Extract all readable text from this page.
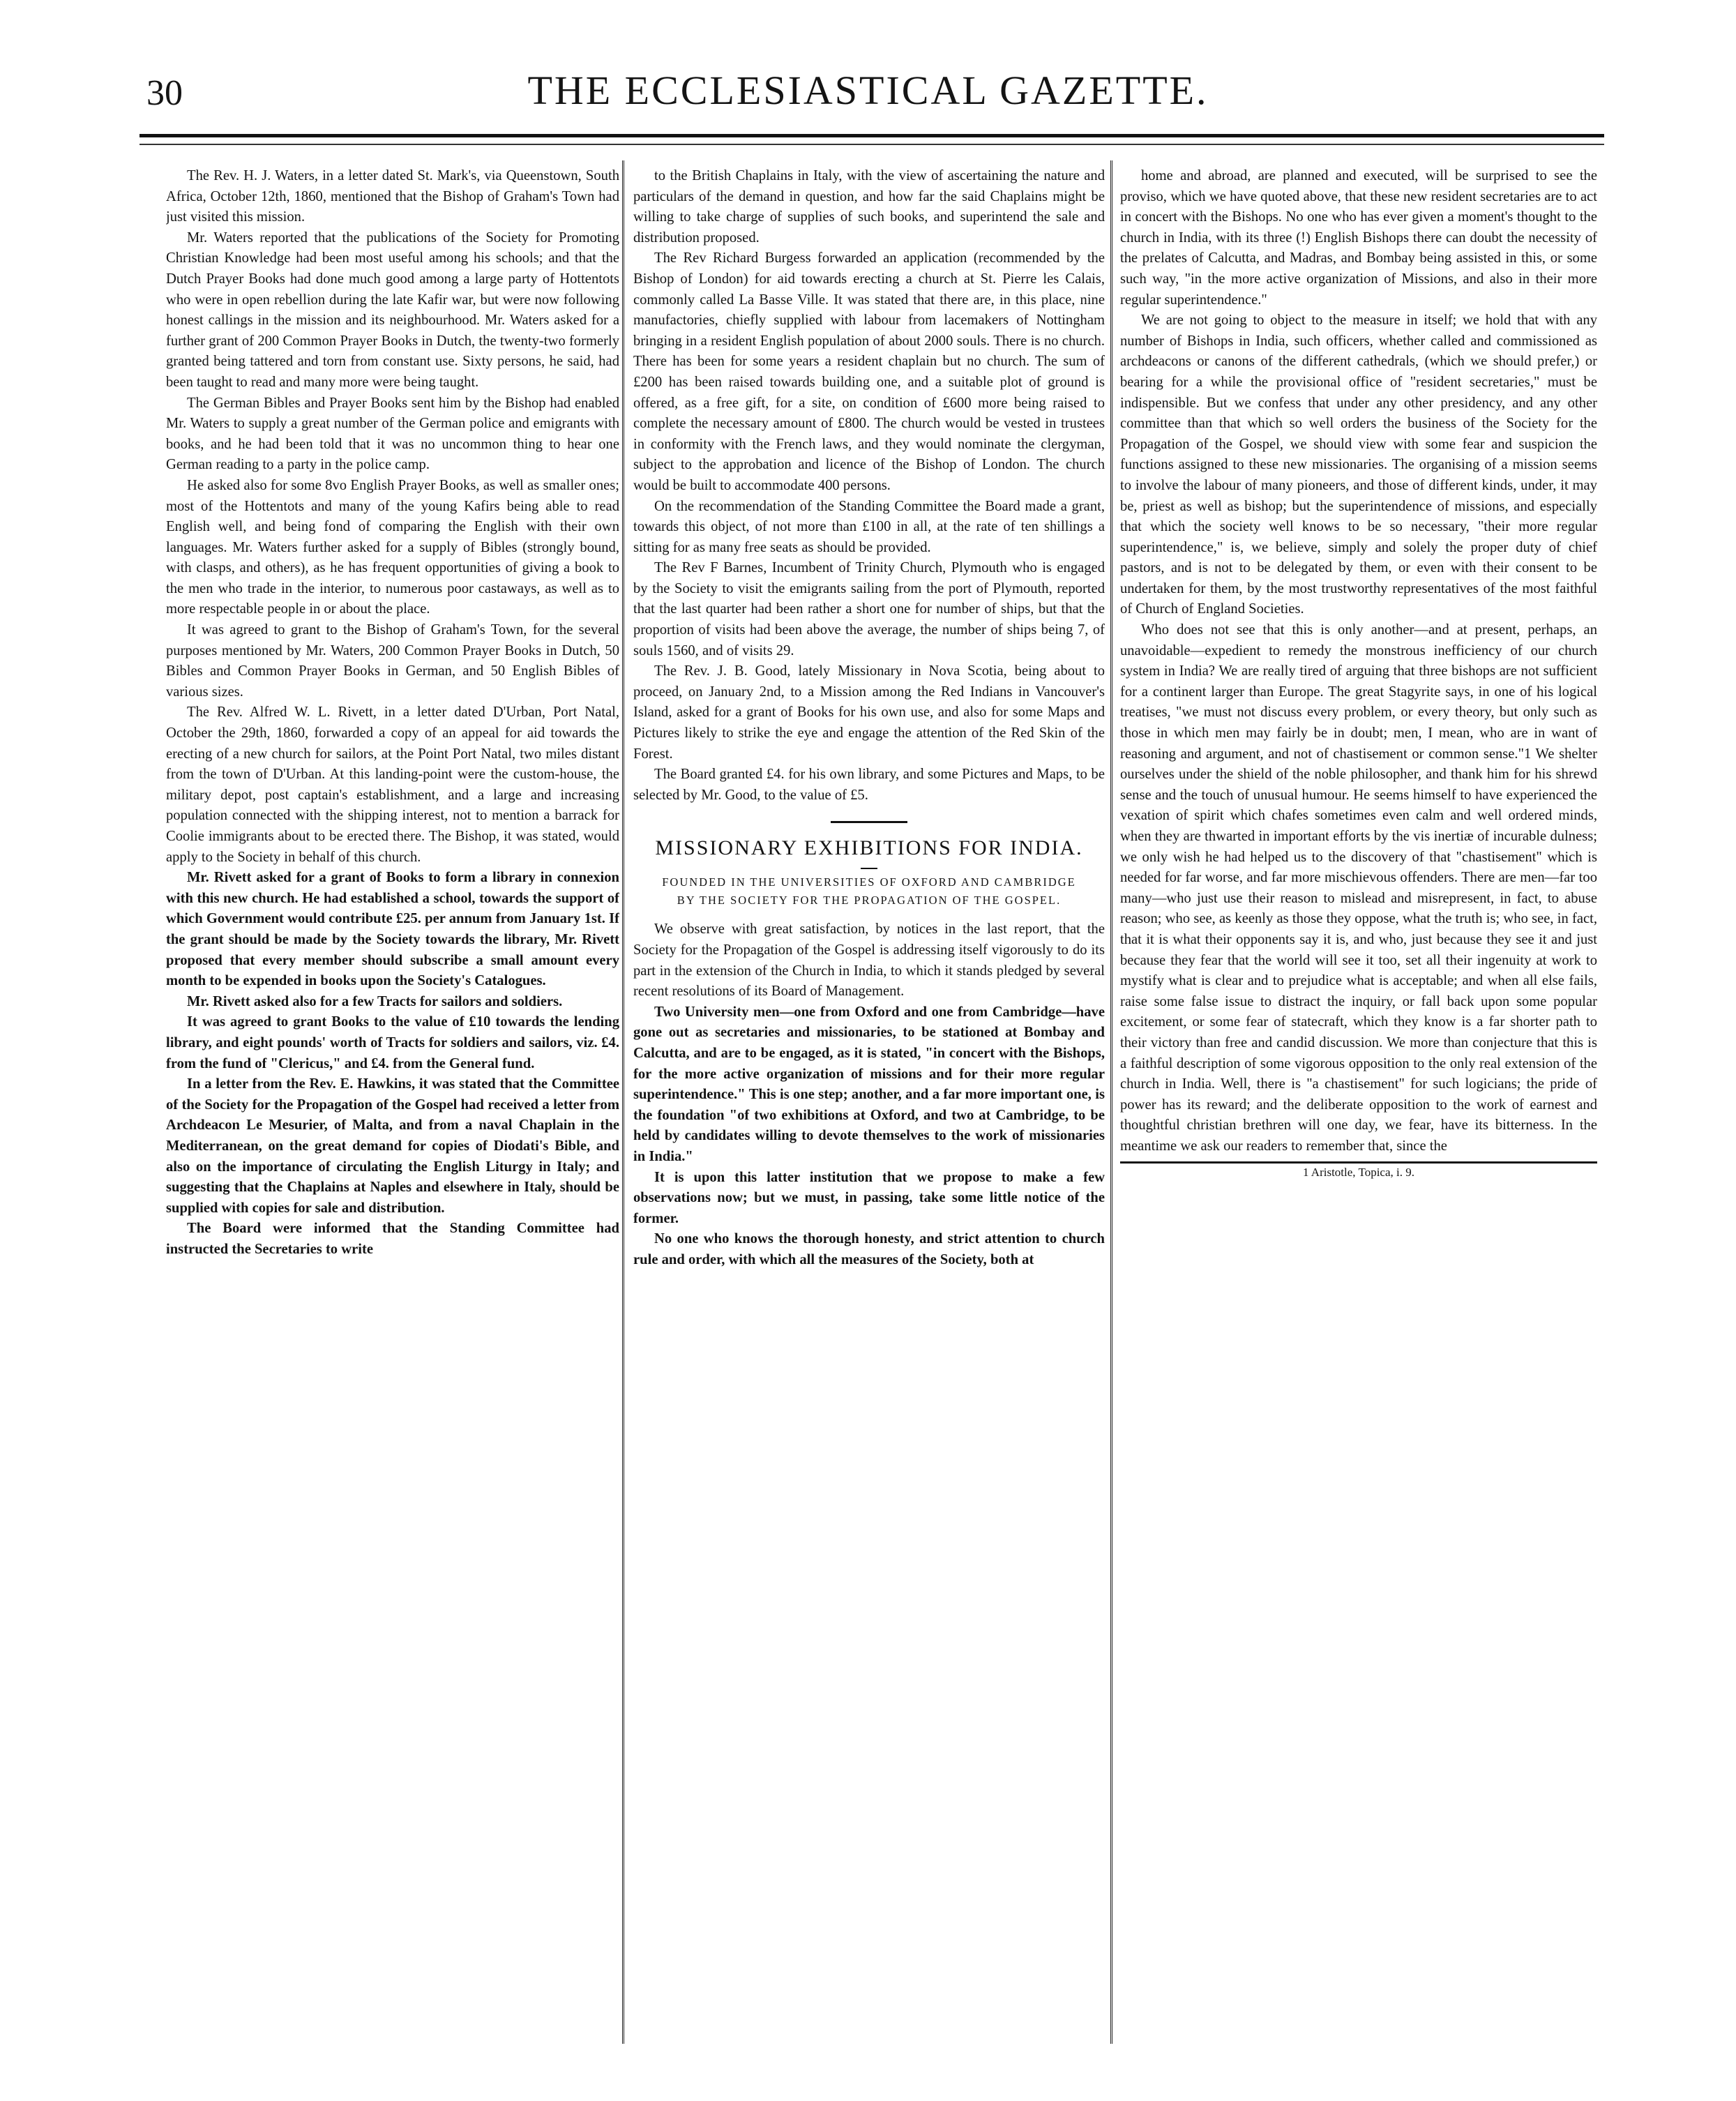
30	THE ECCLESIASTICAL GAZETTE.

The Rev. H. J. Waters, in a letter dated St. Mark's, via Queenstown, South Africa, October 12th, 1860, mentioned that the Bishop of Graham's Town had just visited this mission.

Mr. Waters reported that the publications of the Society for Promoting Christian Knowledge had been most useful among his schools; and that the Dutch Prayer Books had done much good among a large party of Hottentots who were in open rebellion during the late Kafir war, but were now following honest callings in the mission and its neighbourhood. Mr. Waters asked for a further grant of 200 Common Prayer Books in Dutch, the twenty-two formerly granted being tattered and torn from constant use. Sixty persons, he said, had been taught to read and many more were being taught.

The German Bibles and Prayer Books sent him by the Bishop had enabled Mr. Waters to supply a great number of the German police and emigrants with books, and he had been told that it was no uncommon thing to hear one German reading to a party in the police camp.

He asked also for some 8vo English Prayer Books, as well as smaller ones; most of the Hottentots and many of the young Kafirs being able to read English well, and being fond of comparing the English with their own languages. Mr. Waters further asked for a supply of Bibles (strongly bound, with clasps, and others), as he has frequent opportunities of giving a book to the men who trade in the interior, to numerous poor castaways, as well as to more respectable people in or about the place.

It was agreed to grant to the Bishop of Graham's Town, for the several purposes mentioned by Mr. Waters, 200 Common Prayer Books in Dutch, 50 Bibles and Common Prayer Books in German, and 50 English Bibles of various sizes.

The Rev. Alfred W. L. Rivett, in a letter dated D'Urban, Port Natal, October the 29th, 1860, forwarded a copy of an appeal for aid towards the erecting of a new church for sailors, at the Point Port Natal, two miles distant from the town of D'Urban. At this landing-point were the custom-house, the military depot, post captain's establishment, and a large and increasing population connected with the shipping interest, not to mention a barrack for Coolie immigrants about to be erected there. The Bishop, it was stated, would apply to the Society in behalf of this church.

Mr. Rivett asked for a grant of Books to form a library in connexion with this new church. He had established a school, towards the support of which Government would contribute £25. per annum from January 1st. If the grant should be made by the Society towards the library, Mr. Rivett proposed that every member should subscribe a small amount every month to be expended in books upon the Society's Catalogues.

Mr. Rivett asked also for a few Tracts for sailors and soldiers.

It was agreed to grant Books to the value of £10 towards the lending library, and eight pounds' worth of Tracts for soldiers and sailors, viz. £4. from the fund of "Clericus," and £4. from the General fund.

In a letter from the Rev. E. Hawkins, it was stated that the Committee of the Society for the Propagation of the Gospel had received a letter from Archdeacon Le Mesurier, of Malta, and from a naval Chaplain in the Mediterranean, on the great demand for copies of Diodati's Bible, and also on the importance of circulating the English Liturgy in Italy; and suggesting that the Chaplains at Naples and elsewhere in Italy, should be supplied with copies for sale and distribution.

The Board were informed that the Standing Committee had instructed the Secretaries to write

to the British Chaplains in Italy, with the view of ascertaining the nature and particulars of the demand in question, and how far the said Chaplains might be willing to take charge of supplies of such books, and superintend the sale and distribution proposed.

The Rev Richard Burgess forwarded an application (recommended by the Bishop of London) for aid towards erecting a church at St. Pierre les Calais, commonly called La Basse Ville. It was stated that there are, in this place, nine manufactories, chiefly supplied with labour from lacemakers of Nottingham bringing in a resident English population of about 2000 souls. There is no church. There has been for some years a resident chaplain but no church. The sum of £200 has been raised towards building one, and a suitable plot of ground is offered, as a free gift, for a site, on condition of £600 more being raised to complete the necessary amount of £800. The church would be vested in trustees in conformity with the French laws, and they would nominate the clergyman, subject to the approbation and licence of the Bishop of London. The church would be built to accommodate 400 persons.

On the recommendation of the Standing Committee the Board made a grant, towards this object, of not more than £100 in all, at the rate of ten shillings a sitting for as many free seats as should be provided.

The Rev F Barnes, Incumbent of Trinity Church, Plymouth who is engaged by the Society to visit the emigrants sailing from the port of Plymouth, reported that the last quarter had been rather a short one for number of ships, but that the proportion of visits had been above the average, the number of ships being 7, of souls 1560, and of visits 29.

The Rev. J. B. Good, lately Missionary in Nova Scotia, being about to proceed, on January 2nd, to a Mission among the Red Indians in Vancouver's Island, asked for a grant of Books for his own use, and also for some Maps and Pictures likely to strike the eye and engage the attention of the Red Skin of the Forest.

The Board granted £4. for his own library, and some Pictures and Maps, to be selected by Mr. Good, to the value of £5.

MISSIONARY EXHIBITIONS FOR INDIA.
FOUNDED IN THE UNIVERSITIES OF OXFORD AND CAMBRIDGE BY THE SOCIETY FOR THE PROPAGATION OF THE GOSPEL.

We observe with great satisfaction, by notices in the last report, that the Society for the Propagation of the Gospel is addressing itself vigorously to do its part in the extension of the Church in India, to which it stands pledged by several recent resolutions of its Board of Management.

Two University men—one from Oxford and one from Cambridge—have gone out as secretaries and missionaries, to be stationed at Bombay and Calcutta, and are to be engaged, as it is stated, "in concert with the Bishops, for the more active organization of missions and for their more regular superintendence." This is one step; another, and a far more important one, is the foundation "of two exhibitions at Oxford, and two at Cambridge, to be held by candidates willing to devote themselves to the work of missionaries in India."

It is upon this latter institution that we propose to make a few observations now; but we must, in passing, take some little notice of the former.

No one who knows the thorough honesty, and strict attention to church rule and order, with which all the measures of the Society, both at

home and abroad, are planned and executed, will be surprised to see the proviso, which we have quoted above, that these new resident secretaries are to act in concert with the Bishops. No one who has ever given a moment's thought to the church in India, with its three (!) English Bishops there can doubt the necessity of the prelates of Calcutta, and Madras, and Bombay being assisted in this, or some such way, "in the more active organization of Missions, and also in their more regular superintendence."

We are not going to object to the measure in itself; we hold that with any number of Bishops in India, such officers, whether called and commissioned as archdeacons or canons of the different cathedrals, (which we should prefer,) or bearing for a while the provisional office of "resident secretaries," must be indispensible. But we confess that under any other presidency, and any other committee than that which so well orders the business of the Society for the Propagation of the Gospel, we should view with some fear and suspicion the functions assigned to these new missionaries. The organising of a mission seems to involve the labour of many pioneers, and those of different kinds, under, it may be, priest as well as bishop; but the superintendence of missions, and especially that which the society well knows to be so necessary, "their more regular superintendence," is, we believe, simply and solely the proper duty of chief pastors, and is not to be delegated by them, or even with their consent to be undertaken for them, by the most trustworthy representatives of the most faithful of Church of England Societies.

Who does not see that this is only another—and at present, perhaps, an unavoidable—expedient to remedy the monstrous inefficiency of our church system in India? We are really tired of arguing that three bishops are not sufficient for a continent larger than Europe. The great Stagyrite says, in one of his logical treatises, "we must not discuss every problem, or every theory, but only such as those in which men may fairly be in doubt; men, I mean, who are in want of reasoning and argument, and not of chastisement or common sense."1 We shelter ourselves under the shield of the noble philosopher, and thank him for his shrewd sense and the touch of unusual humour. He seems himself to have experienced the vexation of spirit which chafes sometimes even calm and well ordered minds, when they are thwarted in important efforts by the vis inertiæ of incurable dulness; we only wish he had helped us to the discovery of that "chastisement" which is needed for far worse, and far more mischievous offenders. There are men—far too many—who just use their reason to mislead and misrepresent, in fact, to abuse reason; who see, as keenly as those they oppose, what the truth is; who see, in fact, that it is what their opponents say it is, and who, just because they see it and just because they fear that the world will see it too, set all their ingenuity at work to mystify what is clear and to prejudice what is acceptable; and when all else fails, raise some false issue to distract the inquiry, or fall back upon some popular excitement, or some fear of statecraft, which they know is a far shorter path to their victory than free and candid discussion. We more than conjecture that this is a faithful description of some vigorous opposition to the only real extension of the church in India. Well, there is "a chastisement" for such logicians; the pride of power has its reward; and the deliberate opposition to the work of earnest and thoughtful christian brethren will one day, we fear, have its bitterness. In the meantime we ask our readers to remember that, since the

1 Aristotle, Topica, i. 9.
